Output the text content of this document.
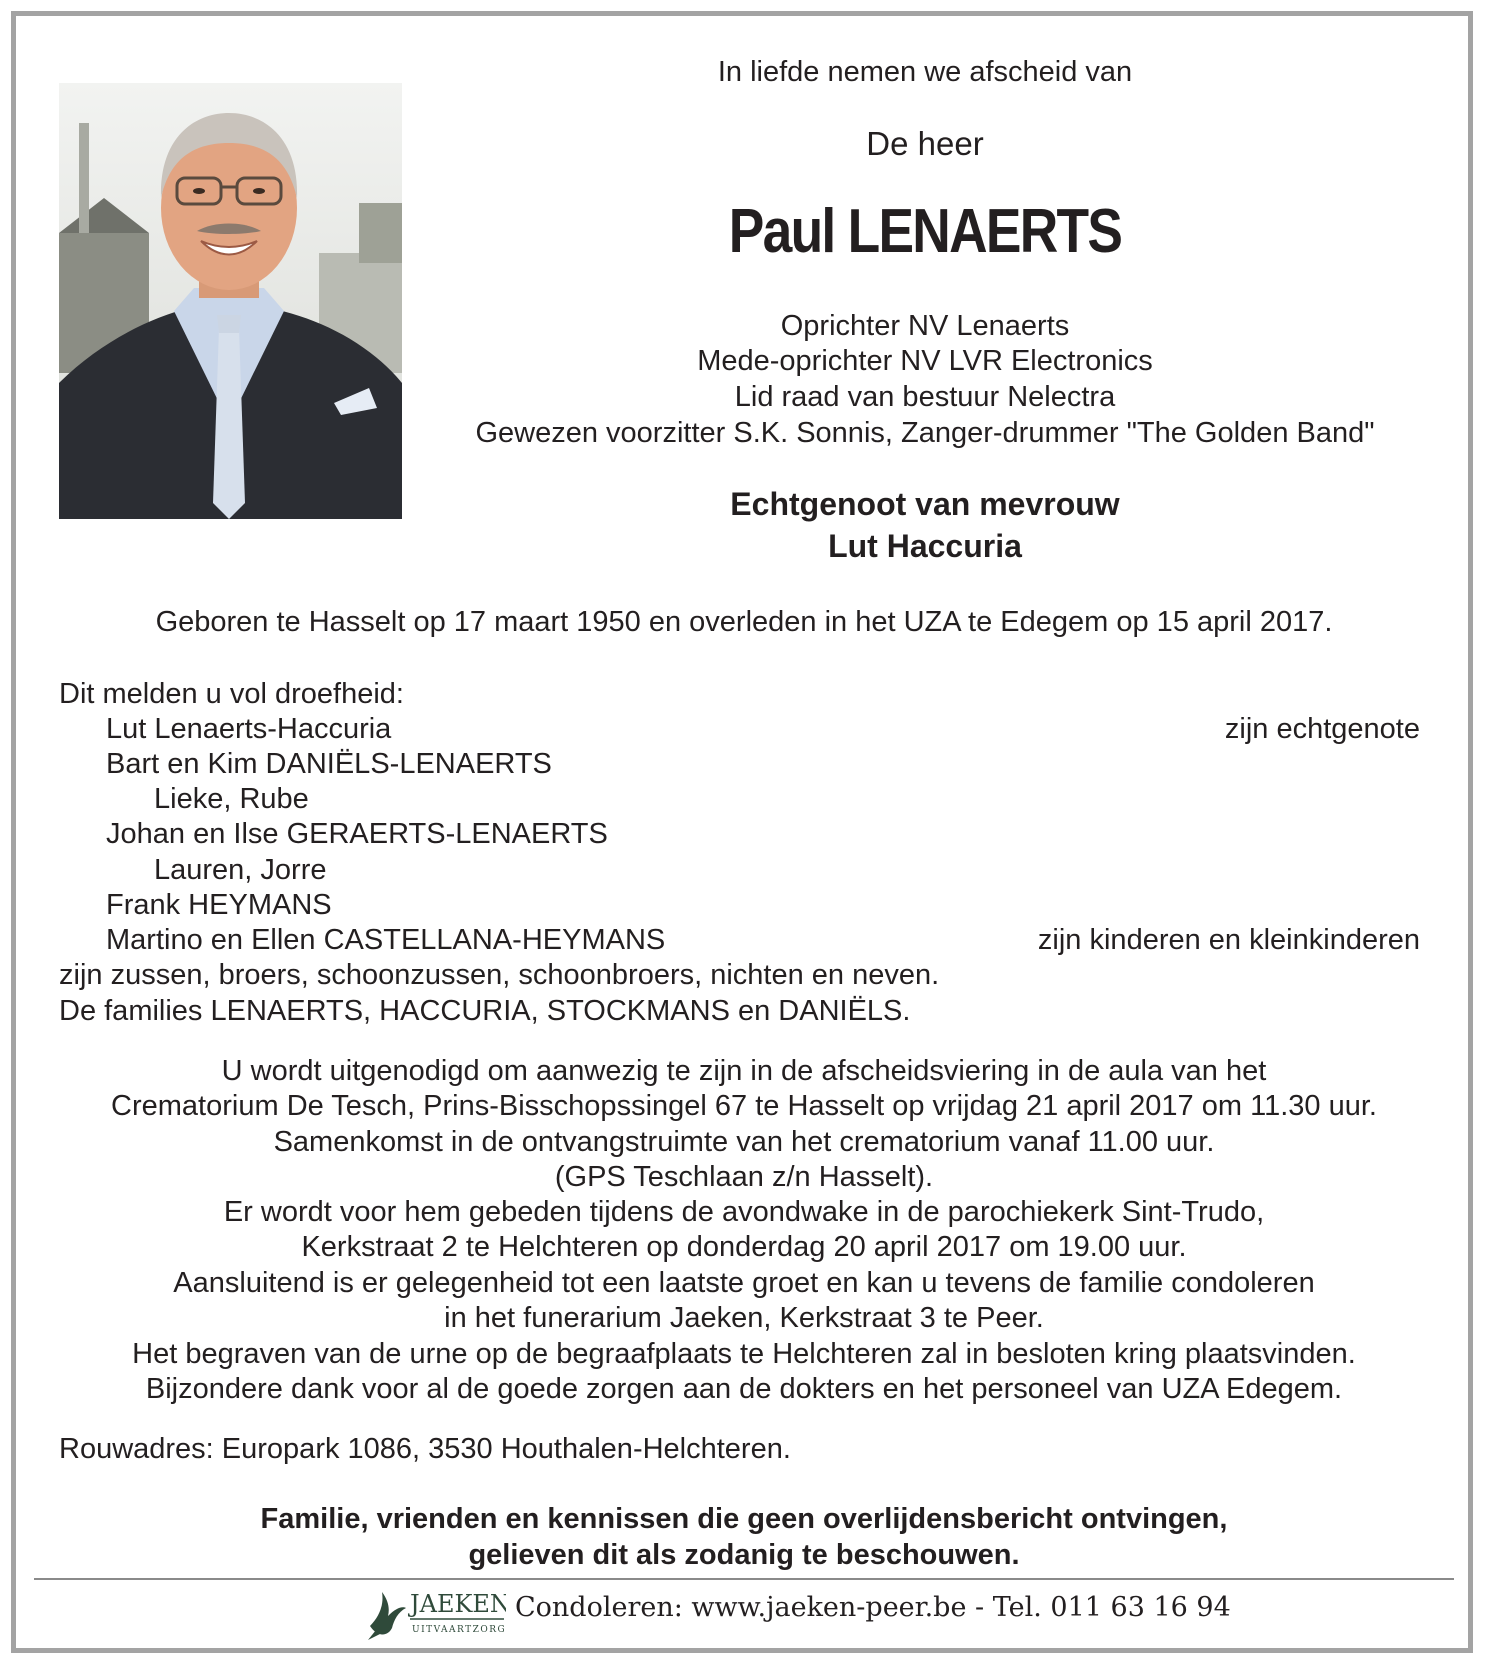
In liefde nemen we afscheid van
De heer
Paul LENAERTS
Oprichter NV Lenaerts
Mede-oprichter NV LVR Electronics
Lid raad van bestuur Nelectra
Gewezen voorzitter S.K. Sonnis, Zanger-drummer "The Golden Band"
Echtgenoot van mevrouw
Lut Haccuria
Geboren te Hasselt op 17 maart 1950 en overleden in het UZA te Edegem op 15 april 2017.
Dit melden u vol droefheid:
Lut Lenaerts-Haccuria	zijn echtgenote
Bart en Kim DANIËLS-LENAERTS
Lieke, Rube
Johan en Ilse GERAERTS-LENAERTS
Lauren, Jorre
Frank HEYMANS
Martino en Ellen CASTELLANA-HEYMANS	zijn kinderen en kleinkinderen
zijn zussen, broers, schoonzussen, schoonbroers, nichten en neven.
De families LENAERTS, HACCURIA, STOCKMANS en DANIËLS.
U wordt uitgenodigd om aanwezig te zijn in de afscheidsviering in de aula van het
Crematorium De Tesch, Prins-Bisschopssingel 67 te Hasselt op vrijdag 21 april 2017 om 11.30 uur.
Samenkomst in de ontvangstruimte van het crematorium vanaf 11.00 uur.
(GPS Teschlaan z/n Hasselt).
Er wordt voor hem gebeden tijdens de avondwake in de parochiekerk Sint-Trudo,
Kerkstraat 2 te Helchteren op donderdag 20 april 2017 om 19.00 uur.
Aansluitend is er gelegenheid tot een laatste groet en kan u tevens de familie condoleren
in het funerarium Jaeken, Kerkstraat 3 te Peer.
Het begraven van de urne op de begraafplaats te Helchteren zal in besloten kring plaatsvinden.
Bijzondere dank voor al de goede zorgen aan de dokters en het personeel van UZA Edegem.
Rouwadres: Europark 1086, 3530 Houthalen-Helchteren.
Familie, vrienden en kennissen die geen overlijdensbericht ontvingen,
gelieven dit als zodanig te beschouwen.
JAEKEN
UITVAARTZORG
Condoleren: www.jaeken-peer.be - Tel. 011 63 16 94
